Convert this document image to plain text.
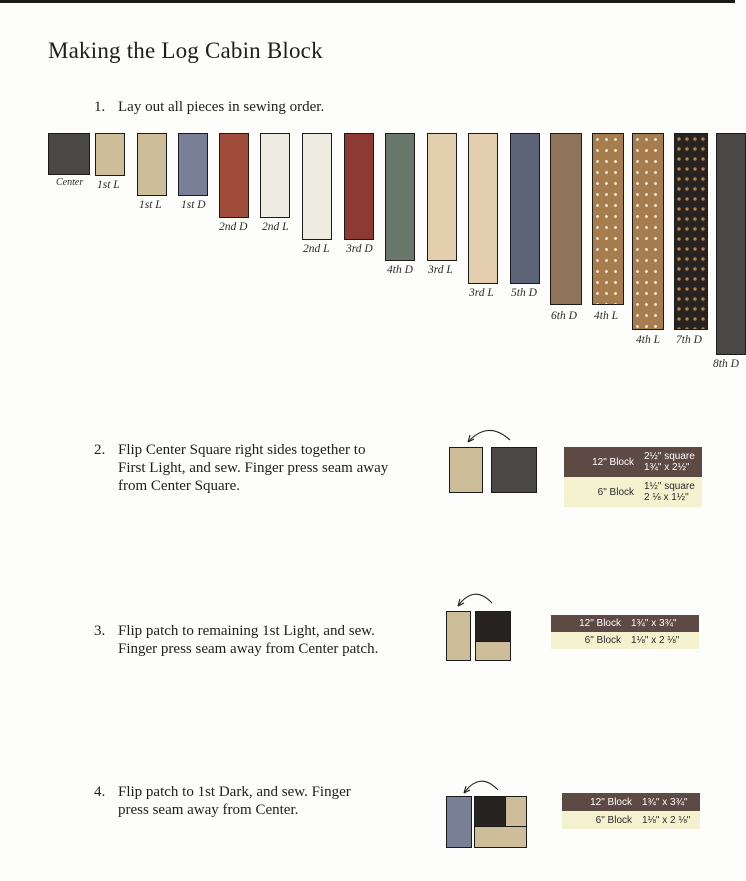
Making the Log Cabin Block
1. Lay out all pieces in sewing order.
Center 1st L
1st L 1st D
2nd D 2nd L
2nd L 3rd D
4th D 3rd L
3rd L 5th D
6th D 4th L
4th L 7th D
8th D
2. Flip Center Square right sides together to
First Light, and sew. Finger press seam away
from Center Square.
12" Block	2½" square
1¾" x 2½"
6" Block	1½" square
2 ⅛ x 1½"
3. Flip patch to remaining 1st Light, and sew.
Finger press seam away from Center patch.
12" Block	1¾" x 3¾"
6" Block	1⅛" x 2 ⅛"
4. Flip patch to 1st Dark, and sew. Finger
press seam away from Center.	12" Block	1¾" x 3¾"
6" Block	1⅛" x 2 ⅛"
